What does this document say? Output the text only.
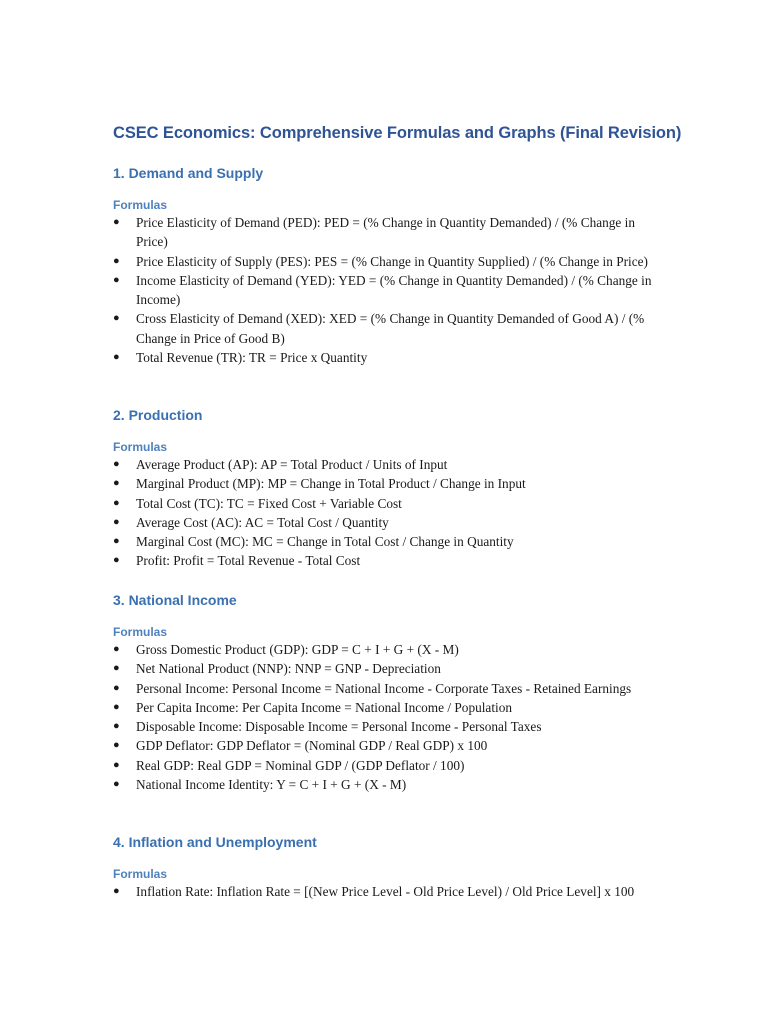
CSEC Economics: Comprehensive Formulas and Graphs (Final Revision)
1. Demand and Supply
Formulas
● Price Elasticity of Demand (PED): PED = (% Change in Quantity Demanded) / (% Change in Price)
● Price Elasticity of Supply (PES): PES = (% Change in Quantity Supplied) / (% Change in Price)
● Income Elasticity of Demand (YED): YED = (% Change in Quantity Demanded) / (% Change in Income)
● Cross Elasticity of Demand (XED): XED = (% Change in Quantity Demanded of Good A) / (% Change in Price of Good B)
● Total Revenue (TR): TR = Price x Quantity
2. Production
Formulas
● Average Product (AP): AP = Total Product / Units of Input
● Marginal Product (MP): MP = Change in Total Product / Change in Input
● Total Cost (TC): TC = Fixed Cost + Variable Cost
● Average Cost (AC): AC = Total Cost / Quantity
● Marginal Cost (MC): MC = Change in Total Cost / Change in Quantity
● Profit: Profit = Total Revenue - Total Cost
3. National Income
Formulas
● Gross Domestic Product (GDP): GDP = C + I + G + (X - M)
● Net National Product (NNP): NNP = GNP - Depreciation
● Personal Income: Personal Income = National Income - Corporate Taxes - Retained Earnings
● Per Capita Income: Per Capita Income = National Income / Population
● Disposable Income: Disposable Income = Personal Income - Personal Taxes
● GDP Deflator: GDP Deflator = (Nominal GDP / Real GDP) x 100
● Real GDP: Real GDP = Nominal GDP / (GDP Deflator / 100)
● National Income Identity: Y = C + I + G + (X - M)
4. Inflation and Unemployment
Formulas
● Inflation Rate: Inflation Rate = [(New Price Level - Old Price Level) / Old Price Level] x 100
